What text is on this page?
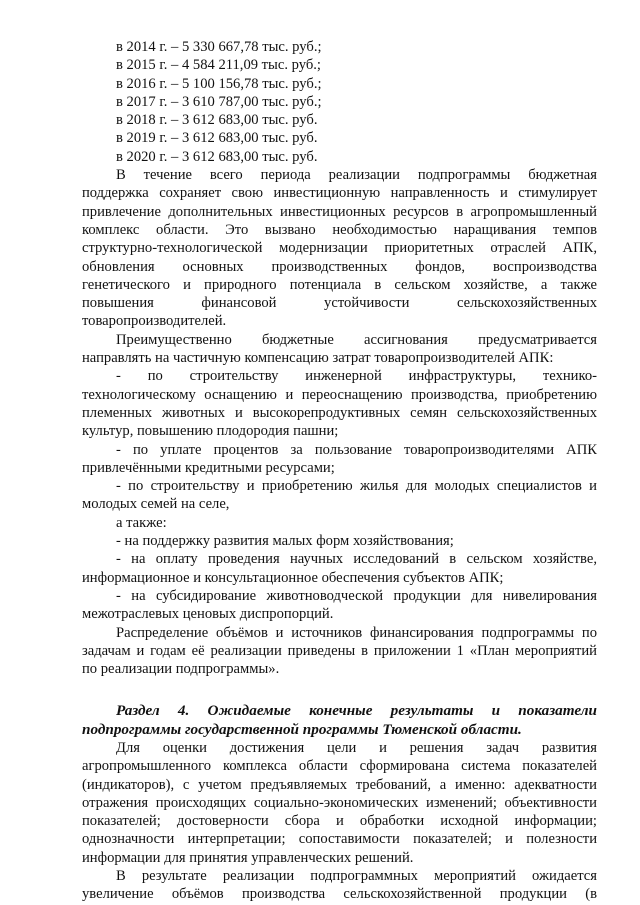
в 2014 г. – 5 330 667,78 тыс. руб.;
в 2015 г. – 4 584 211,09 тыс. руб.;
в 2016 г. – 5 100 156,78 тыс. руб.;
в 2017 г. – 3 610 787,00 тыс. руб.;
в 2018 г. – 3 612 683,00 тыс. руб.
в 2019 г. – 3 612 683,00 тыс. руб.
в 2020 г. – 3 612 683,00 тыс. руб.
В течение всего периода реализации подпрограммы бюджетная
поддержка сохраняет свою инвестиционную направленность и стимулирует
привлечение дополнительных инвестиционных ресурсов в агропромышленный
комплекс области. Это вызвано необходимостью наращивания темпов
структурно-технологической модернизации приоритетных отраслей АПК,
обновления основных производственных фондов, воспроизводства
генетического и природного потенциала в сельском хозяйстве, а также
повышения финансовой устойчивости сельскохозяйственных
товаропроизводителей.
Преимущественно бюджетные ассигнования предусматривается
направлять на частичную компенсацию затрат товаропроизводителей АПК:
- по строительству инженерной инфраструктуры, технико-
технологическому оснащению и переоснащению производства, приобретению
племенных животных и высокорепродуктивных семян сельскохозяйственных
культур, повышению плодородия пашни;
- по уплате процентов за пользование товаропроизводителями АПК
привлечёнными кредитными ресурсами;
- по строительству и приобретению жилья для молодых специалистов и
молодых семей на селе,
а также:
- на поддержку развития малых форм хозяйствования;
- на оплату проведения научных исследований в сельском хозяйстве,
информационное и консультационное обеспечения субъектов АПК;
- на субсидирование животноводческой продукции для нивелирования
межотраслевых ценовых диспропорций.
Распределение объёмов и источников финансирования подпрограммы по
задачам и годам её реализации приведены в приложении 1 «План мероприятий
по реализации подпрограммы».
Раздел 4. Ожидаемые конечные результаты и показатели
подпрограммы государственной программы Тюменской области.
Для оценки достижения цели и решения задач развития
агропромышленного комплекса области сформирована система показателей
(индикаторов), с учетом предъявляемых требований, а именно: адекватности
отражения происходящих социально-экономических изменений; объективности
показателей; достоверности сбора и обработки исходной информации;
однозначности интерпретации; сопоставимости показателей; и полезности
информации для принятия управленческих решений.
В результате реализации подпрограммных мероприятий ожидается
увеличение объёмов производства сельскохозяйственной продукции (в
